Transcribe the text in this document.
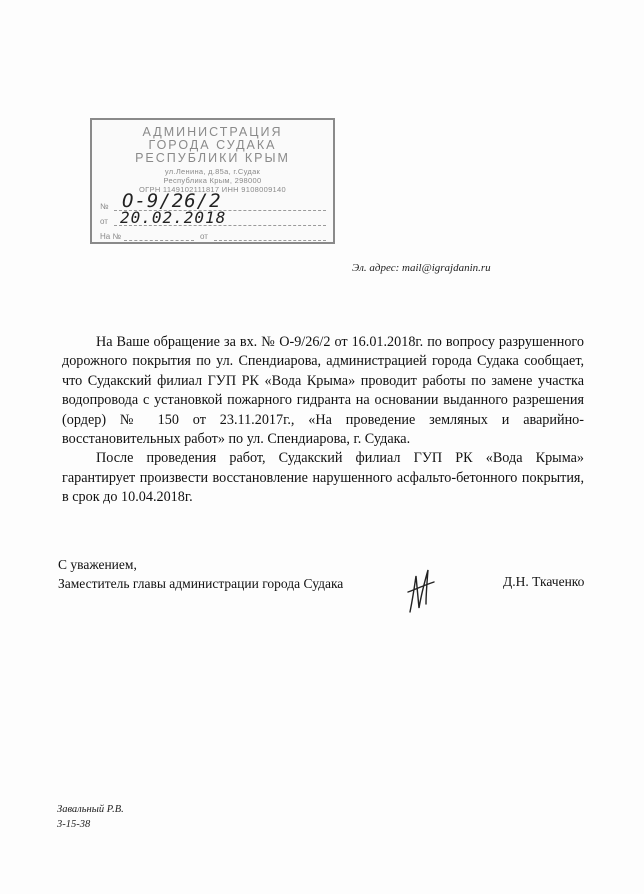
АДМИНИСТРАЦИЯ
ГОРОДА СУДАКА
РЕСПУБЛИКИ КРЫМ
ул.Ленина, д.85а, г.Судак
Республика Крым, 298000
ОГРН 1149102111817 ИНН 9108009140
№ О-9/26/2
от 20.02.2018
На №	от
Эл. адрес: mail@igrajdanin.ru

На Ваше обращение за вх. № О-9/26/2 от 16.01.2018г. по вопросу разрушенного дорожного покрытия по ул. Спендиарова, администрацией города Судака сообщает, что Судакский филиал ГУП РК «Вода Крыма» проводит работы по замене участка водопровода с установкой пожарного гидранта на основании выданного разрешения (ордер) № 150 от 23.11.2017г., «На проведение земляных и аварийно-восстановительных работ» по ул. Спендиарова, г. Судака.

После проведения работ, Судакский филиал ГУП РК «Вода Крыма» гарантирует произвести восстановление нарушенного асфальто-бетонного покрытия, в срок до 10.04.2018г.

С уважением,
Заместитель главы администрации города Судака	Д.Н. Ткаченко
Завальный Р.В.
3-15-38
